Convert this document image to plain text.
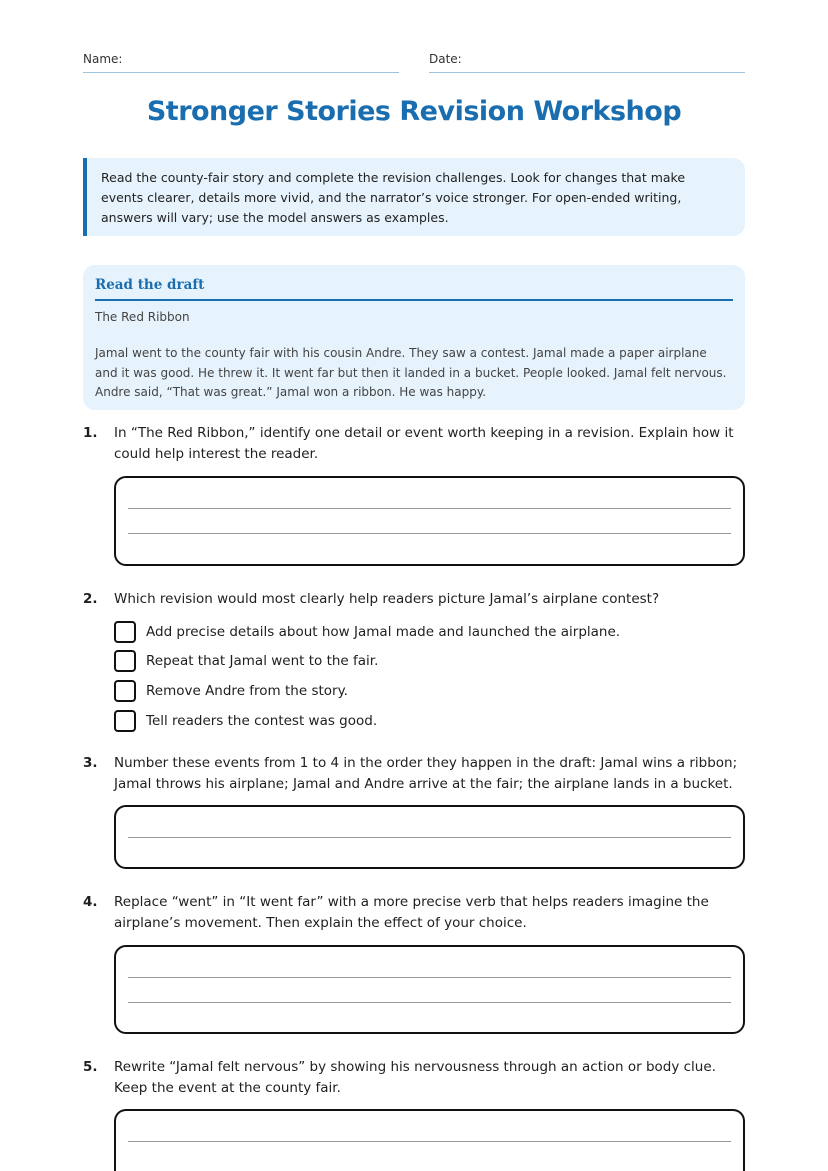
Name:	Date:
Stronger Stories Revision Workshop
Read the county-fair story and complete the revision challenges. Look for changes that make events clearer, details more vivid, and the narrator’s voice stronger. For open-ended writing, answers will vary; use the model answers as examples.
Read the draft
The Red Ribbon
Jamal went to the county fair with his cousin Andre. They saw a contest. Jamal made a paper airplane and it was good. He threw it. It went far but then it landed in a bucket. People looked. Jamal felt nervous. Andre said, “That was great.” Jamal won a ribbon. He was happy.
1.	In “The Red Ribbon,” identify one detail or event worth keeping in a revision. Explain how it could help interest the reader.
2.	Which revision would most clearly help readers picture Jamal’s airplane contest?
Add precise details about how Jamal made and launched the airplane.
Repeat that Jamal went to the fair.
Remove Andre from the story.
Tell readers the contest was good.
3.	Number these events from 1 to 4 in the order they happen in the draft: Jamal wins a ribbon; Jamal throws his airplane; Jamal and Andre arrive at the fair; the airplane lands in a bucket.
4.	Replace “went” in “It went far” with a more precise verb that helps readers imagine the airplane’s movement. Then explain the effect of your choice.
5.	Rewrite “Jamal felt nervous” by showing his nervousness through an action or body clue. Keep the event at the county fair.
